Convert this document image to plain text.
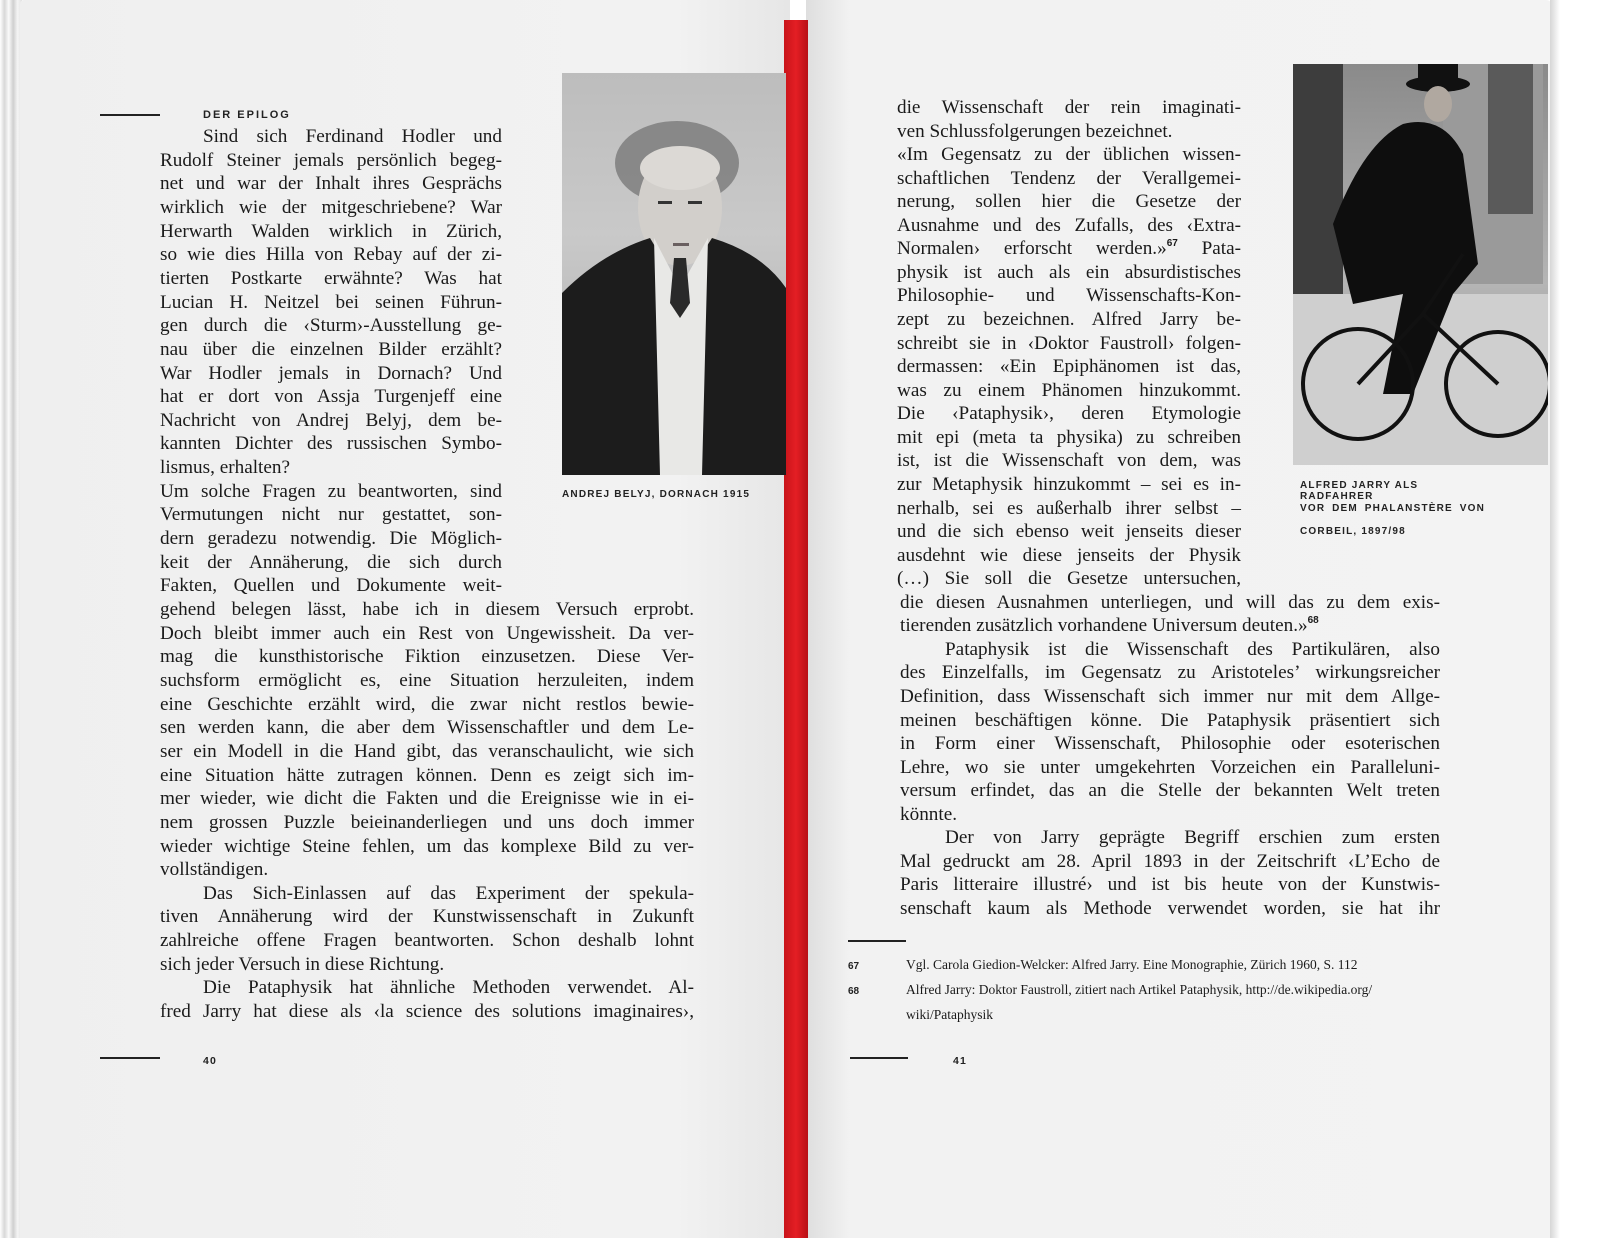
DER EPILOG
ANDREJ BELYJ, DORNACH 1915
Sind sich Ferdinand Hodler und
Rudolf Steiner jemals persönlich begeg-
net und war der Inhalt ihres Gesprächs
wirklich wie der mitgeschriebene? War
Herwarth Walden wirklich in Zürich,
so wie dies Hilla von Rebay auf der zi-
tierten Postkarte erwähnte? Was hat
Lucian H. Neitzel bei seinen Führun-
gen durch die ‹Sturm›-Ausstellung ge-
nau über die einzelnen Bilder erzählt?
War Hodler jemals in Dornach? Und
hat er dort von Assja Turgenjeff eine
Nachricht von Andrej Belyj, dem be-
kannten Dichter des russischen Symbo-
lismus, erhalten?
Um solche Fragen zu beantworten, sind
Vermutungen nicht nur gestattet, son-
dern geradezu notwendig. Die Möglich-
keit der Annäherung, die sich durch
Fakten, Quellen und Dokumente weit-
gehend belegen lässt, habe ich in diesem Versuch erprobt.
Doch bleibt immer auch ein Rest von Ungewissheit. Da ver-
mag die kunsthistorische Fiktion einzusetzen. Diese Ver-
suchsform ermöglicht es, eine Situation herzuleiten, indem
eine Geschichte erzählt wird, die zwar nicht restlos bewie-
sen werden kann, die aber dem Wissenschaftler und dem Le-
ser ein Modell in die Hand gibt, das veranschaulicht, wie sich
eine Situation hätte zutragen können. Denn es zeigt sich im-
mer wieder, wie dicht die Fakten und die Ereignisse wie in ei-
nem grossen Puzzle beieinanderliegen und uns doch immer
wieder wichtige Steine fehlen, um das komplexe Bild zu ver-
vollständigen.
Das Sich-Einlassen auf das Experiment der spekula-
tiven Annäherung wird der Kunstwissenschaft in Zukunft
zahlreiche offene Fragen beantworten. Schon deshalb lohnt
sich jeder Versuch in diese Richtung.
Die Pataphysik hat ähnliche Methoden verwendet. Al-
fred Jarry hat diese als ‹la science des solutions imaginaires›,
40
ALFRED JARRY ALS RADFAHRER
VOR DEM PHALANSTÈRE VON
CORBEIL, 1897/98
die Wissenschaft der rein imaginati-
ven Schlussfolgerungen bezeichnet.
«Im Gegensatz zu der üblichen wissen-
schaftlichen Tendenz der Verallgemei-
nerung, sollen hier die Gesetze der
Ausnahme und des Zufalls, des ‹Extra-
Normalen› erforscht werden.»$^{67}$ Pata-
physik ist auch als ein absurdistisches
Philosophie- und Wissenschafts-Kon-
zept zu bezeichnen. Alfred Jarry be-
schreibt sie in ‹Doktor Faustroll› folgen-
dermassen: «Ein Epiphänomen ist das,
was zu einem Phänomen hinzukommt.
Die ‹Pataphysik›, deren Etymologie
mit epi (meta ta physika) zu schreiben
ist, ist die Wissenschaft von dem, was
zur Metaphysik hinzukommt – sei es in-
nerhalb, sei es außerhalb ihrer selbst –
und die sich ebenso weit jenseits dieser
ausdehnt wie diese jenseits der Physik
(…) Sie soll die Gesetze untersuchen,
die diesen Ausnahmen unterliegen, und will das zu dem exis-
tierenden zusätzlich vorhandene Universum deuten.»$^{68}$
Pataphysik ist die Wissenschaft des Partikulären, also
des Einzelfalls, im Gegensatz zu Aristoteles’ wirkungsreicher
Definition, dass Wissenschaft sich immer nur mit dem Allge-
meinen beschäftigen könne. Die Pataphysik präsentiert sich
in Form einer Wissenschaft, Philosophie oder esoterischen
Lehre, wo sie unter umgekehrten Vorzeichen ein Paralleluni-
versum erfindet, das an die Stelle der bekannten Welt treten
könnte.
Der von Jarry geprägte Begriff erschien zum ersten
Mal gedruckt am 28. April 1893 in der Zeitschrift ‹L’Echo de
Paris litteraire illustré› und ist bis heute von der Kunstwis-
senschaft kaum als Methode verwendet worden, sie hat ihr
67	Vgl. Carola Giedion-Welcker: Alfred Jarry. Eine Monographie, Zürich 1960, S. 112
68	Alfred Jarry: Doktor Faustroll, zitiert nach Artikel Pataphysik, http://de.wikipedia.org/
wiki/Pataphysik
41
